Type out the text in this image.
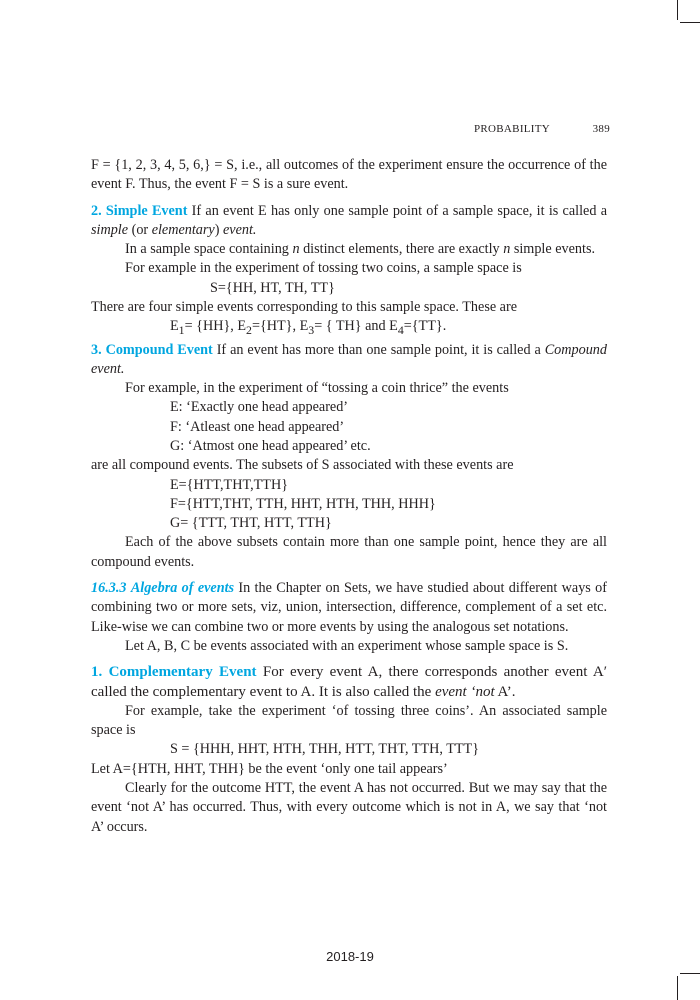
PROBABILITY	389

F = {1, 2, 3, 4, 5, 6,} = S, i.e., all outcomes of the experiment ensure the occurrence of the event F. Thus, the event F = S is a sure event.

2. Simple Event If an event E has only one sample point of a sample space, it is called a simple (or elementary) event.

In a sample space containing n distinct elements, there are exactly n simple events.

For example in the experiment of tossing two coins, a sample space is

S={HH, HT, TH, TT}

There are four simple events corresponding to this sample space. These are

$E_1= \{HH\}$, $E_2=\{HT\}$, $E_3=$ { TH} and $E_4=\{TT\}$.

3. Compound Event If an event has more than one sample point, it is called a Compound event.

For example, in the experiment of “tossing a coin thrice” the events

E: ‘Exactly one head appeared’

F: ‘Atleast one head appeared’

G: ‘Atmost one head appeared’ etc.

are all compound events. The subsets of S associated with these events are

E={HTT,THT,TTH}

F={HTT,THT, TTH, HHT, HTH, THH, HHH}

G= {TTT, THT, HTT, TTH}

Each of the above subsets contain more than one sample point, hence they are all compound events.

16.3.3 Algebra of events In the Chapter on Sets, we have studied about different ways of combining two or more sets, viz, union, intersection, difference, complement of a set etc. Like-wise we can combine two or more events by using the analogous set notations.

Let A, B, C be events associated with an experiment whose sample space is S.

1. Complementary Event For every event A, there corresponds another event A′ called the complementary event to A. It is also called the event ‘not A’.

For example, take the experiment ‘of tossing three coins’. An associated sample space is

S = {HHH, HHT, HTH, THH, HTT, THT, TTH, TTT}

Let A={HTH, HHT, THH} be the event ‘only one tail appears’

Clearly for the outcome HTT, the event A has not occurred. But we may say that the event ‘not A’ has occurred. Thus, with every outcome which is not in A, we say that ‘not A’ occurs.

2018-19
